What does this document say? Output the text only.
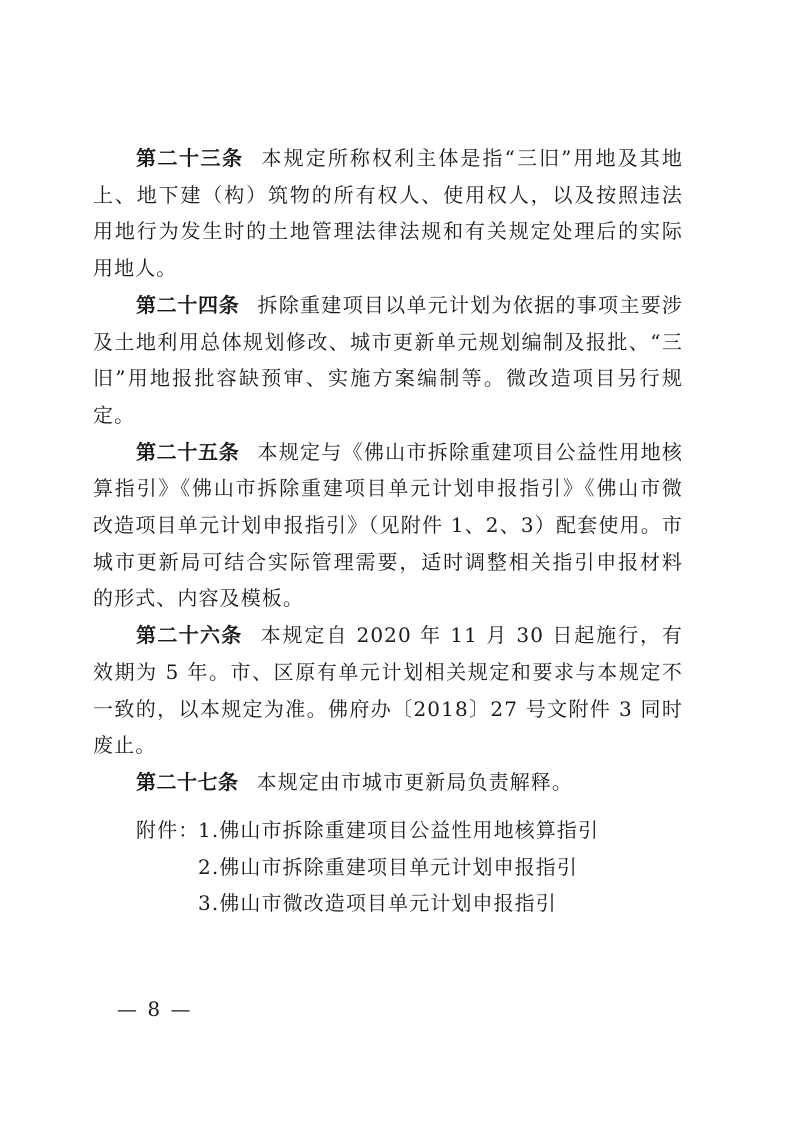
第二十三条 本规定所称权利主体是指“三旧”用地及其地上、地下建（构）筑物的所有权人、使用权人，以及按照违法用地行为发生时的土地管理法律法规和有关规定处理后的实际用地人。

第二十四条 拆除重建项目以单元计划为依据的事项主要涉及土地利用总体规划修改、城市更新单元规划编制及报批、“三旧”用地报批容缺预审、实施方案编制等。微改造项目另行规定。

第二十五条 本规定与《佛山市拆除重建项目公益性用地核算指引》《佛山市拆除重建项目单元计划申报指引》《佛山市微改造项目单元计划申报指引》（见附件 1、2、3）配套使用。市城市更新局可结合实际管理需要，适时调整相关指引申报材料的形式、内容及模板。

第二十六条 本规定自 2020 年 11 月 30 日起施行，有效期为 5 年。市、区原有单元计划相关规定和要求与本规定不一致的，以本规定为准。佛府办〔2018〕27 号文附件 3 同时废止。

第二十七条 本规定由市城市更新局负责解释。

附件：
1.佛山市拆除重建项目公益性用地核算指引
2.佛山市拆除重建项目单元计划申报指引
3.佛山市微改造项目单元计划申报指引
— 8 —
